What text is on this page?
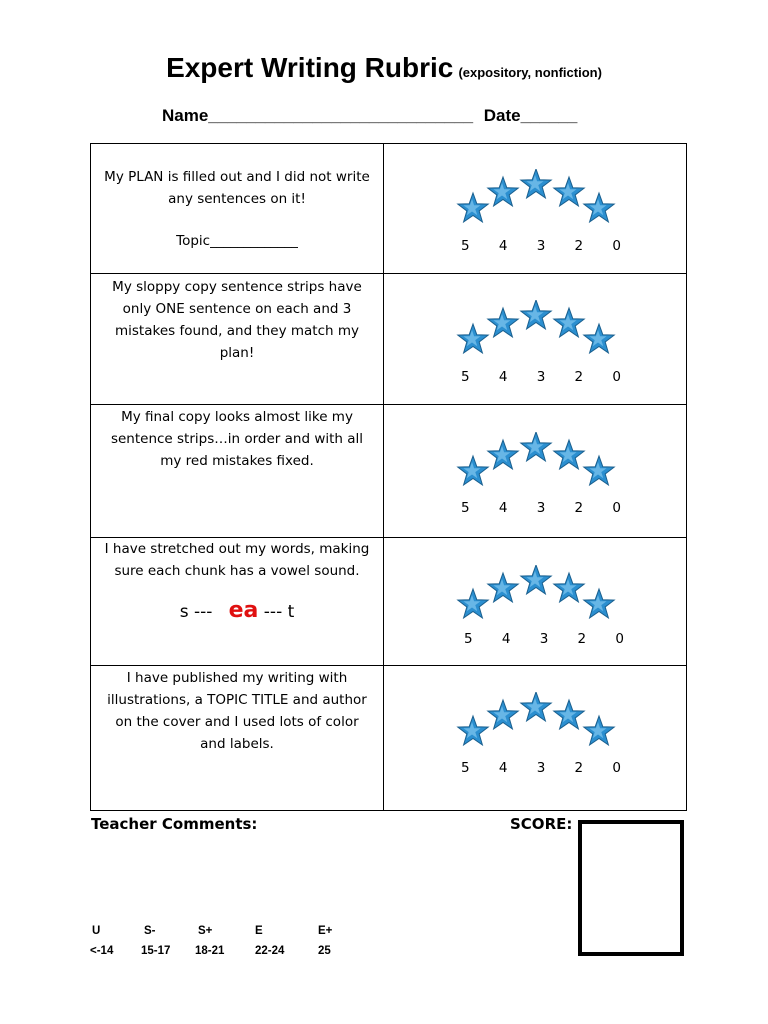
Expert Writing Rubric (expository, nonfiction)
Name____________________________ Date______

My PLAN is filled out and I did not write any sentences on it!

Topic_____________	5 4 3 2 0

My sloppy copy sentence strips have only ONE sentence on each and 3 mistakes found, and they match my plan!

5 4 3 2 0

My final copy looks almost like my sentence strips…in order and with all my red mistakes fixed.

5 4 3 2 0

I have stretched out my words, making sure each chunk has a vowel sound.

s --- ea --- t

5 4 3 2 0

I have published my writing with illustrations, a TOPIC TITLE and author on the cover and I used lots of color and labels.

5 4 3 2 0
Teacher Comments:	SCORE:
U
<-14
S-
15-17
S+
18-21
E
22-24
E+
25
